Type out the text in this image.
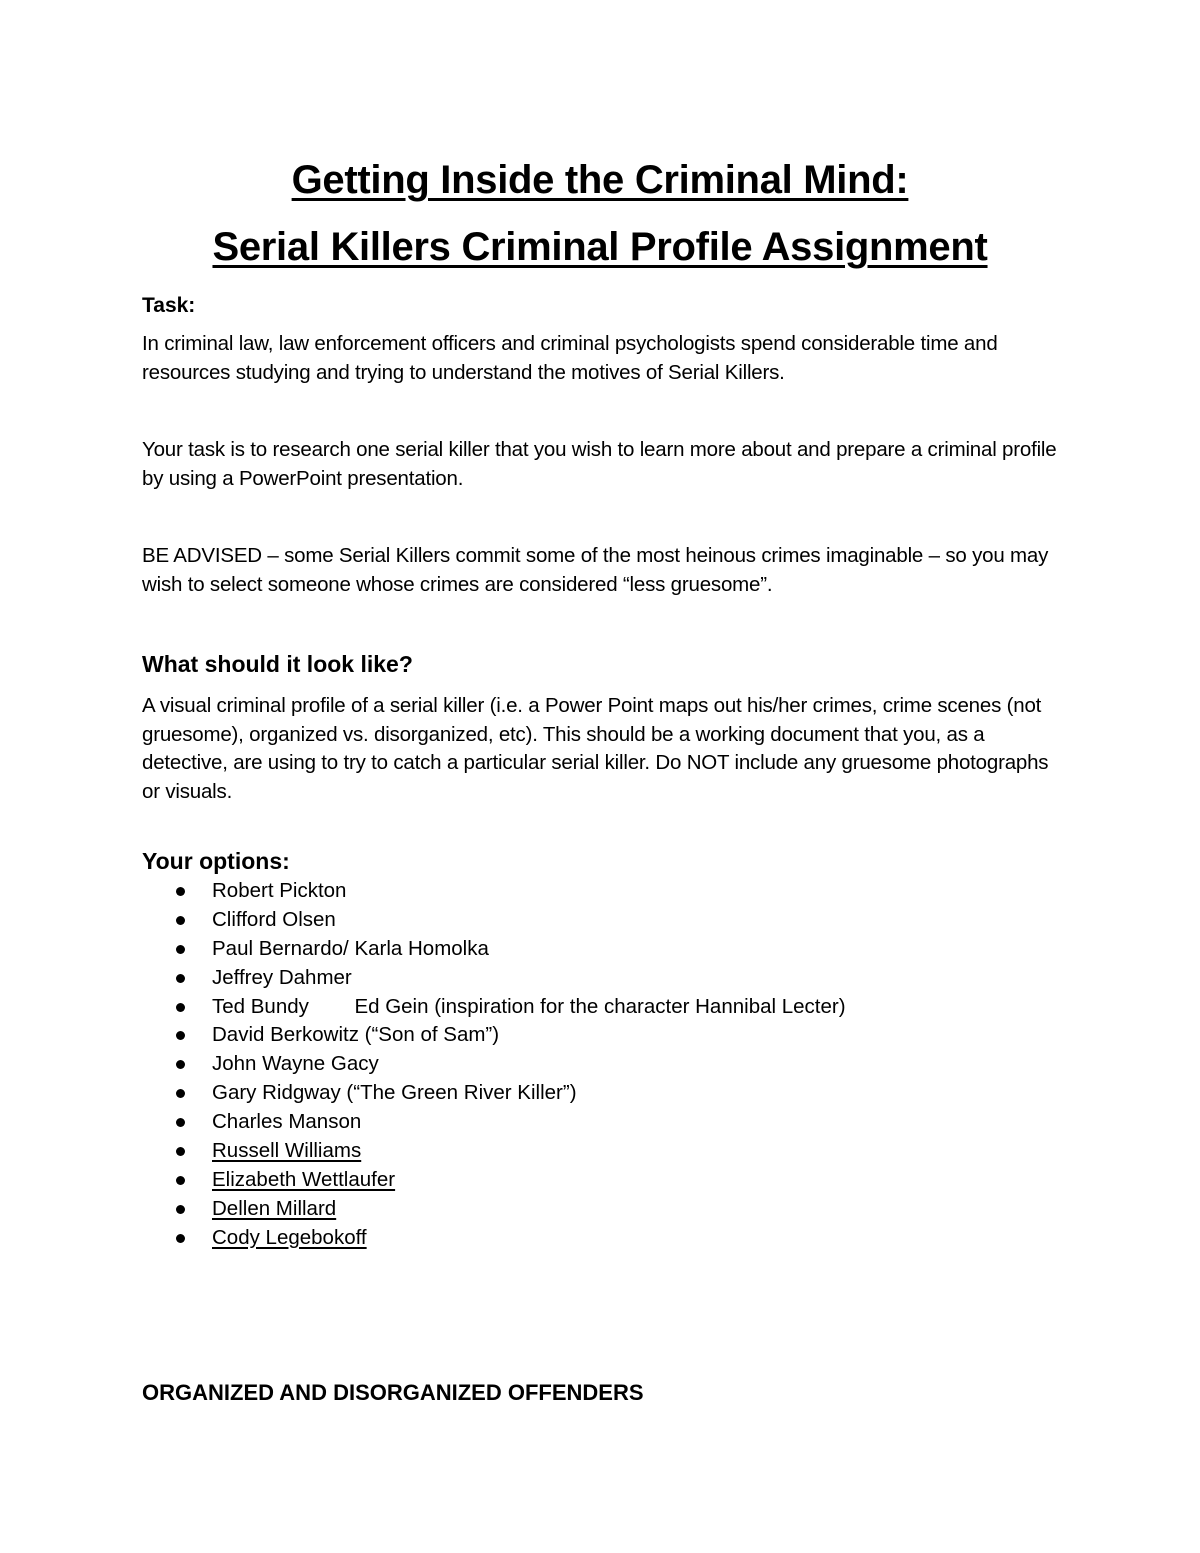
Getting Inside the Criminal Mind:
Serial Killers Criminal Profile Assignment
Task:
In criminal law, law enforcement officers and criminal psychologists spend considerable time and resources studying and trying to understand the motives of Serial Killers.
Your task is to research one serial killer that you wish to learn more about and prepare a criminal profile by using a PowerPoint presentation.
BE ADVISED – some Serial Killers commit some of the most heinous crimes imaginable – so you may wish to select someone whose crimes are considered “less gruesome”.
What should it look like?
A visual criminal profile of a serial killer (i.e. a Power Point maps out his/her crimes, crime scenes (not gruesome), organized vs. disorganized, etc). This should be a working document that you, as a detective, are using to try to catch a particular serial killer. Do NOT include any gruesome photographs or visuals.
Your options:
Robert Pickton
Clifford Olsen
Paul Bernardo/ Karla Homolka
Jeffrey Dahmer
Ted Bundy        Ed Gein (inspiration for the character Hannibal Lecter)
David Berkowitz (“Son of Sam”)
John Wayne Gacy
Gary Ridgway (“The Green River Killer”)
Charles Manson
Russell Williams
Elizabeth Wettlaufer
Dellen Millard
Cody Legebokoff
ORGANIZED AND DISORGANIZED OFFENDERS
